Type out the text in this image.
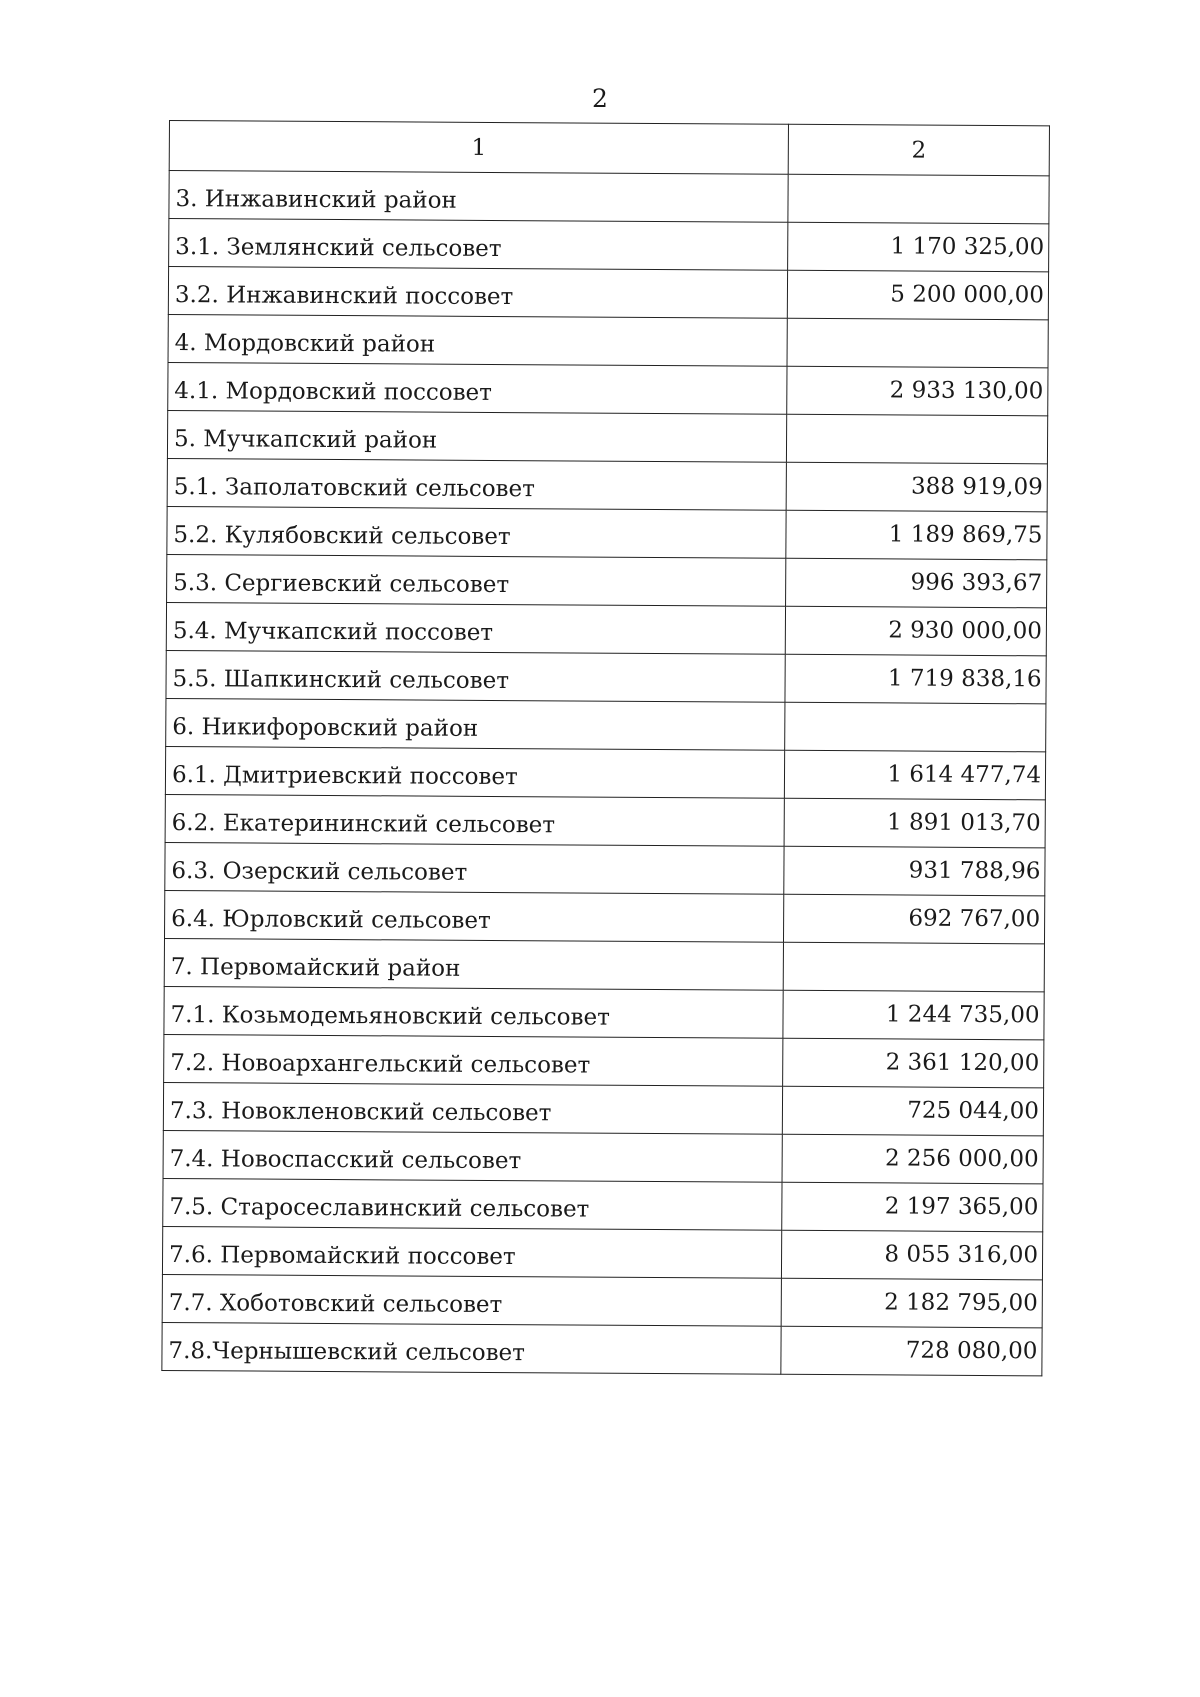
2
1	2
3. Инжавинский район	
3.1. Землянский сельсовет	1 170 325,00
3.2. Инжавинский поссовет	5 200 000,00
4. Мордовский район	
4.1. Мордовский поссовет	2 933 130,00
5. Мучкапский район	
5.1. Заполатовский сельсовет	388 919,09
5.2. Кулябовский сельсовет	1 189 869,75
5.3. Сергиевский сельсовет	996 393,67
5.4. Мучкапский поссовет	2 930 000,00
5.5. Шапкинский сельсовет	1 719 838,16
6. Никифоровский район	
6.1. Дмитриевский поссовет	1 614 477,74
6.2. Екатерининский сельсовет	1 891 013,70
6.3. Озерский сельсовет	931 788,96
6.4. Юрловский сельсовет	692 767,00
7. Первомайский район	
7.1. Козьмодемьяновский сельсовет	1 244 735,00
7.2. Новоархангельский сельсовет	2 361 120,00
7.3. Новокленовский сельсовет	725 044,00
7.4. Новоспасский сельсовет	2 256 000,00
7.5. Старосеславинский сельсовет	2 197 365,00
7.6. Первомайский поссовет	8 055 316,00
7.7. Хоботовский сельсовет	2 182 795,00
7.8.Чернышевский сельсовет	728 080,00
